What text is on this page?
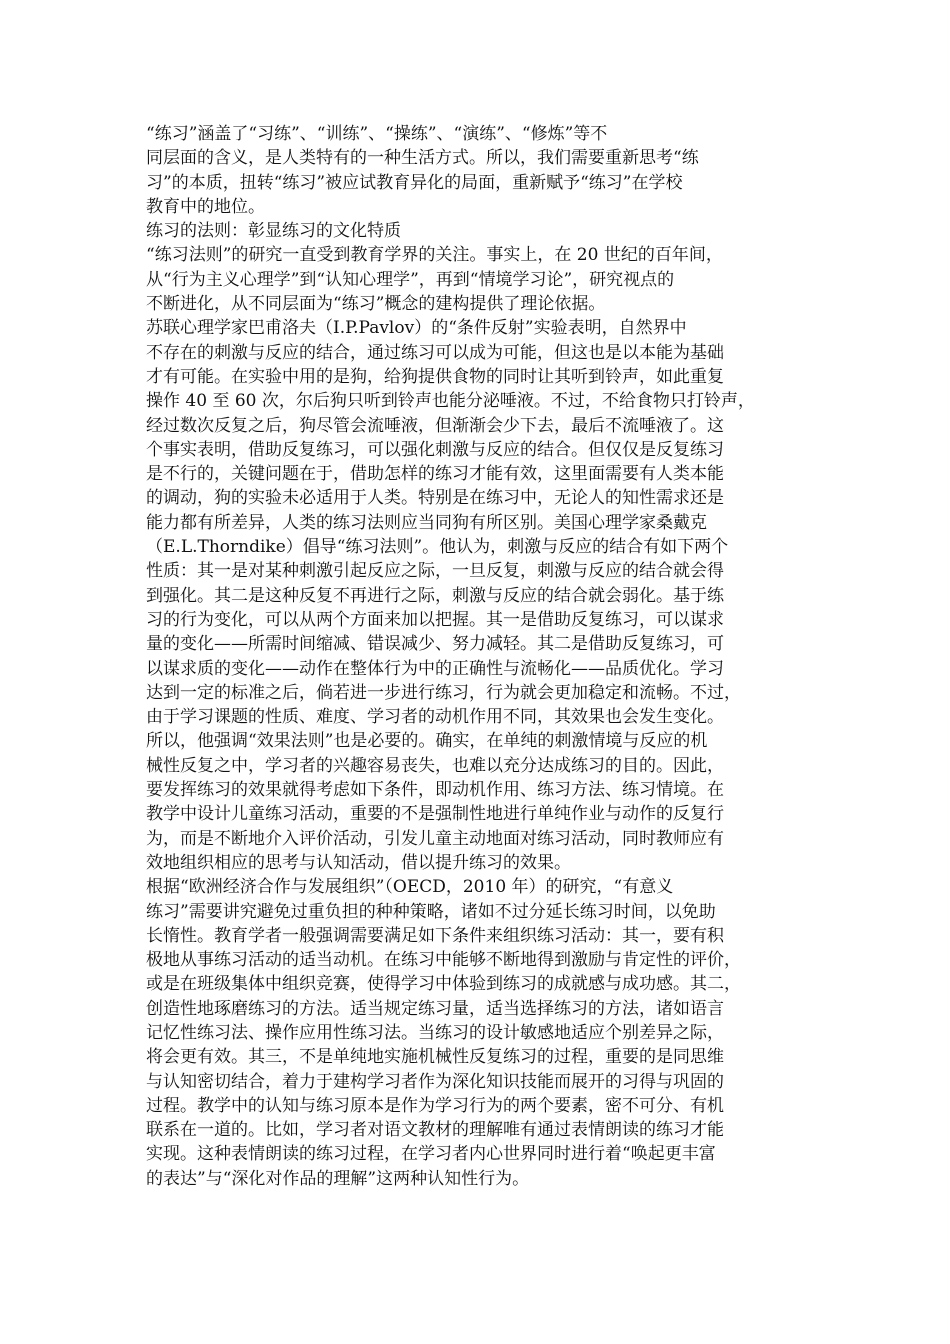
“练习”涵盖了“习练”、“训练”、“操练”、“演练”、“修炼”等不
同层面的含义，是人类特有的一种生活方式。所以，我们需要重新思考“练
习”的本质，扭转“练习”被应试教育异化的局面，重新赋予“练习”在学校
教育中的地位。
练习的法则：彰显练习的文化特质
“练习法则”的研究一直受到教育学界的关注。事实上，在 20 世纪的百年间，
从“行为主义心理学”到“认知心理学”，再到“情境学习论”，研究视点的
不断进化，从不同层面为“练习”概念的建构提供了理论依据。
苏联心理学家巴甫洛夫（I.P.Pavlov）的“条件反射”实验表明，自然界中
不存在的刺激与反应的结合，通过练习可以成为可能，但这也是以本能为基础
才有可能。在实验中用的是狗，给狗提供食物的同时让其听到铃声，如此重复
操作 40 至 60 次，尔后狗只听到铃声也能分泌唾液。不过，不给食物只打铃声，
经过数次反复之后，狗尽管会流唾液，但渐渐会少下去，最后不流唾液了。这
个事实表明，借助反复练习，可以强化刺激与反应的结合。但仅仅是反复练习
是不行的，关键问题在于，借助怎样的练习才能有效，这里面需要有人类本能
的调动，狗的实验未必适用于人类。特别是在练习中，无论人的知性需求还是
能力都有所差异，人类的练习法则应当同狗有所区别。美国心理学家桑戴克
（E.L.Thorndike）倡导“练习法则”。他认为，刺激与反应的结合有如下两个
性质：其一是对某种刺激引起反应之际，一旦反复，刺激与反应的结合就会得
到强化。其二是这种反复不再进行之际，刺激与反应的结合就会弱化。基于练
习的行为变化，可以从两个方面来加以把握。其一是借助反复练习，可以谋求
量的变化——所需时间缩减、错误减少、努力减轻。其二是借助反复练习，可
以谋求质的变化——动作在整体行为中的正确性与流畅化——品质优化。学习
达到一定的标准之后，倘若进一步进行练习，行为就会更加稳定和流畅。不过，
由于学习课题的性质、难度、学习者的动机作用不同，其效果也会发生变化。
所以，他强调“效果法则”也是必要的。确实，在单纯的刺激情境与反应的机
械性反复之中，学习者的兴趣容易丧失，也难以充分达成练习的目的。因此，
要发挥练习的效果就得考虑如下条件，即动机作用、练习方法、练习情境。在
教学中设计儿童练习活动，重要的不是强制性地进行单纯作业与动作的反复行
为，而是不断地介入评价活动，引发儿童主动地面对练习活动，同时教师应有
效地组织相应的思考与认知活动，借以提升练习的效果。
根据“欧洲经济合作与发展组织”（OECD，2010 年）的研究，“有意义
练习”需要讲究避免过重负担的种种策略，诸如不过分延长练习时间，以免助
长惰性。教育学者一般强调需要满足如下条件来组织练习活动：其一，要有积
极地从事练习活动的适当动机。在练习中能够不断地得到激励与肯定性的评价，
或是在班级集体中组织竞赛，使得学习中体验到练习的成就感与成功感。其二，
创造性地琢磨练习的方法。适当规定练习量，适当选择练习的方法，诸如语言
记忆性练习法、操作应用性练习法。当练习的设计敏感地适应个别差异之际，
将会更有效。其三，不是单纯地实施机械性反复练习的过程，重要的是同思维
与认知密切结合，着力于建构学习者作为深化知识技能而展开的习得与巩固的
过程。教学中的认知与练习原本是作为学习行为的两个要素，密不可分、有机
联系在一道的。比如，学习者对语文教材的理解唯有通过表情朗读的练习才能
实现。这种表情朗读的练习过程，在学习者内心世界同时进行着“唤起更丰富
的表达”与“深化对作品的理解”这两种认知性行为。
